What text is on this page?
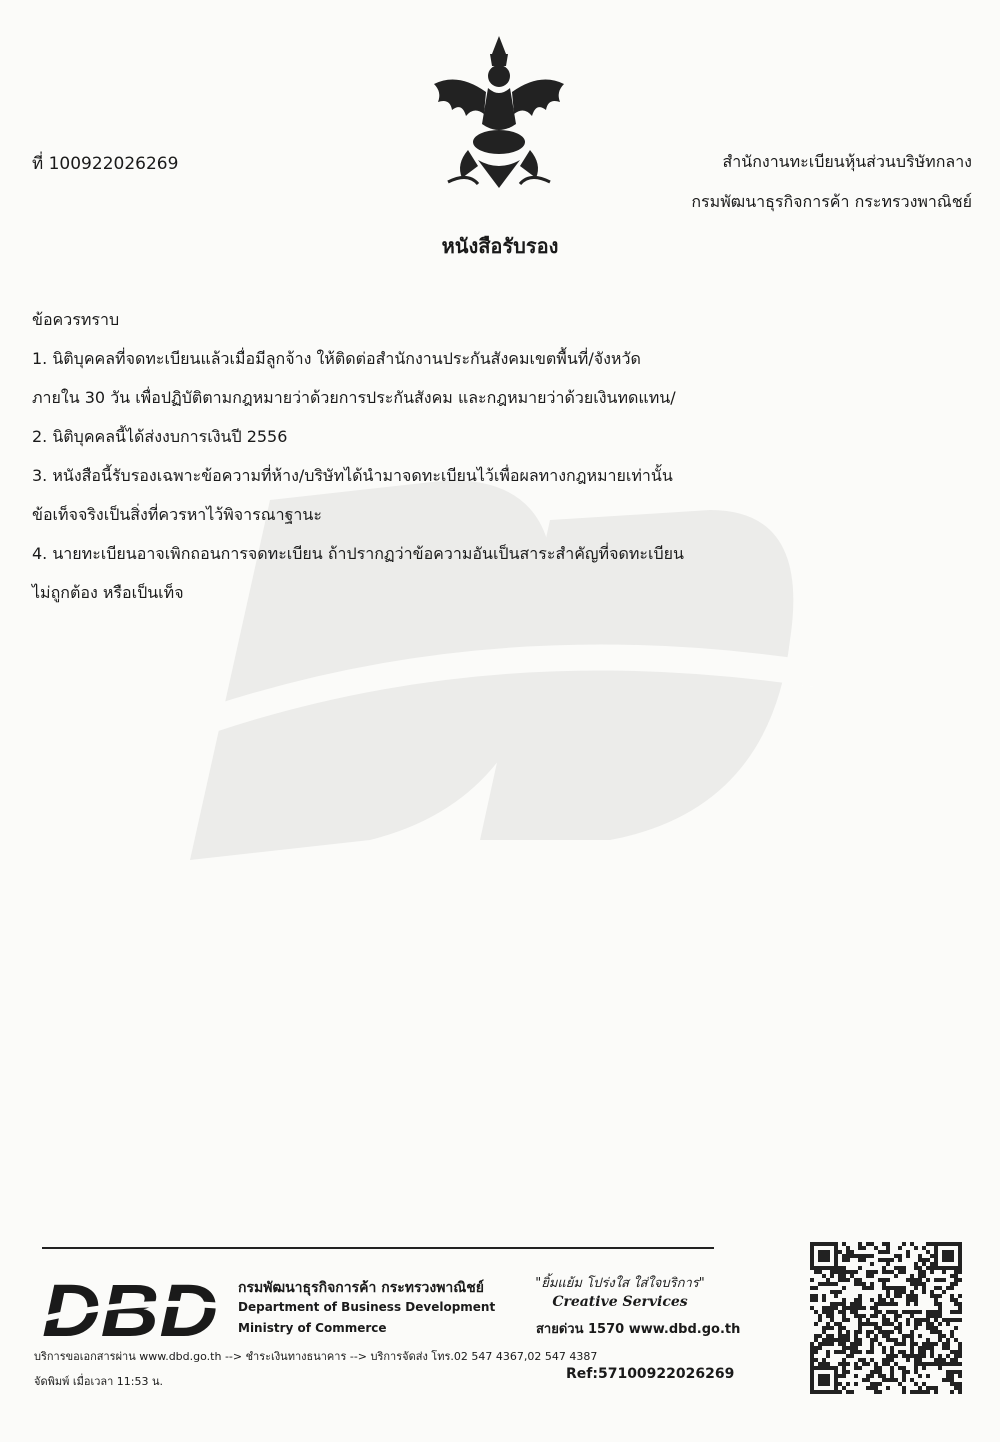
ที่ 100922026269	สำนักงานทะเบียนหุ้นส่วนบริษัทกลาง
กรมพัฒนาธุรกิจการค้า กระทรวงพาณิชย์
หนังสือรับรอง
ข้อควรทราบ
1. นิติบุคคลที่จดทะเบียนแล้วเมื่อมีลูกจ้าง ให้ติดต่อสำนักงานประกันสังคมเขตพื้นที่/จังหวัด
ภายใน 30 วัน เพื่อปฏิบัติตามกฎหมายว่าด้วยการประกันสังคม และกฎหมายว่าด้วยเงินทดแทน/
2. นิติบุคคลนี้ได้ส่งงบการเงินปี 2556
3. หนังสือนี้รับรองเฉพาะข้อความที่ห้าง/บริษัทได้นำมาจดทะเบียนไว้เพื่อผลทางกฎหมายเท่านั้น
ข้อเท็จจริงเป็นสิ่งที่ควรหาไว้พิจารณาฐานะ
4. นายทะเบียนอาจเพิกถอนการจดทะเบียน ถ้าปรากฏว่าข้อความอันเป็นสาระสำคัญที่จดทะเบียน
ไม่ถูกต้อง หรือเป็นเท็จ
DBD กรมพัฒนาธุรกิจการค้า กระทรวงพาณิชย์
Department of Business Development
Ministry of Commerce
"ยิ้มแย้ม โปร่งใส ใส่ใจบริการ"
Creative Services
สายด่วน 1570 www.dbd.go.th
บริการขอเอกสารผ่าน www.dbd.go.th --> ชำระเงินทางธนาคาร --> บริการจัดส่ง โทร.02 547 4367,02 547 4387
จัดพิมพ์ เมื่อเวลา 11:53 น.	Ref:57100922026269
